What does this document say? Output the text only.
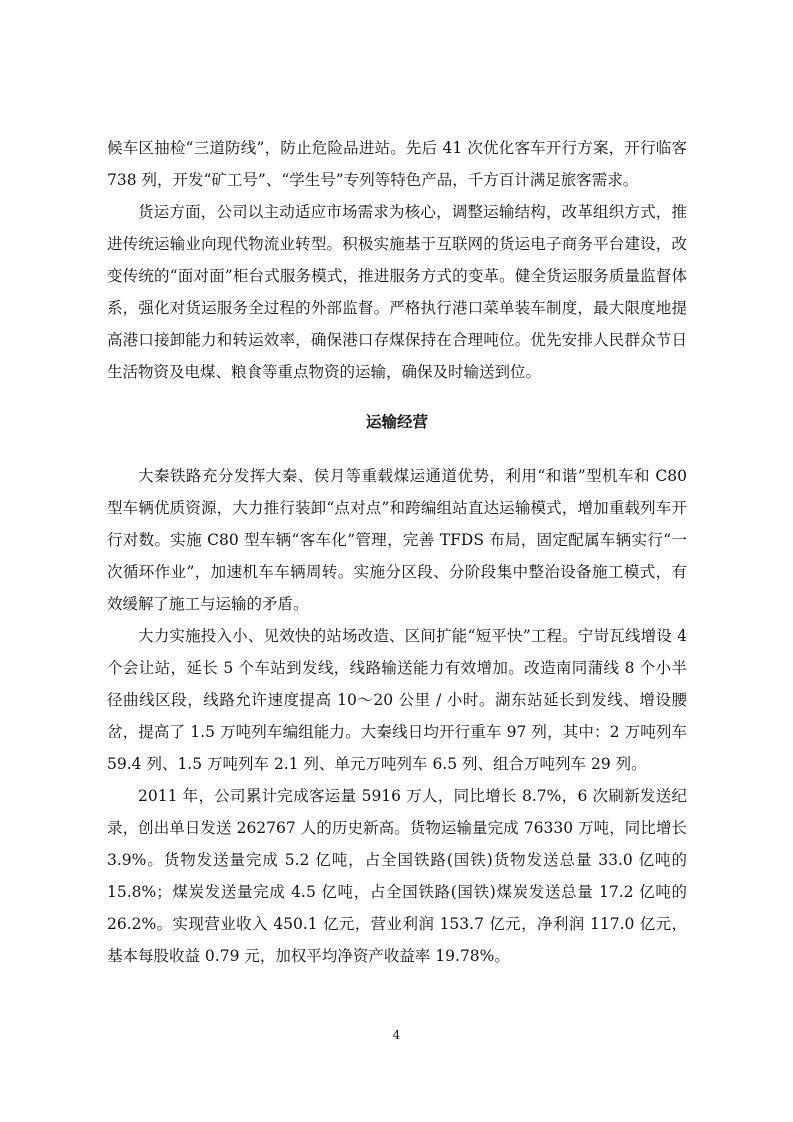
候车区抽检“三道防线”，防止危险品进站。先后 41 次优化客车开行方案，开行临客 738 列，开发“矿工号”、“学生号”专列等特色产品，千方百计满足旅客需求。

货运方面，公司以主动适应市场需求为核心，调整运输结构，改革组织方式，推进传统运输业向现代物流业转型。积极实施基于互联网的货运电子商务平台建设，改变传统的“面对面”柜台式服务模式，推进服务方式的变革。健全货运服务质量监督体系，强化对货运服务全过程的外部监督。严格执行港口菜单装车制度，最大限度地提高港口接卸能力和转运效率，确保港口存煤保持在合理吨位。优先安排人民群众节日生活物资及电煤、粮食等重点物资的运输，确保及时输送到位。

运输经营

大秦铁路充分发挥大秦、侯月等重载煤运通道优势，利用“和谐”型机车和 C80 型车辆优质资源，大力推行装卸“点对点”和跨编组站直达运输模式，增加重载列车开行对数。实施 C80 型车辆“客车化”管理，完善 TFDS 布局，固定配属车辆实行“一次循环作业”，加速机车车辆周转。实施分区段、分阶段集中整治设备施工模式，有效缓解了施工与运输的矛盾。

大力实施投入小、见效快的站场改造、区间扩能“短平快”工程。宁岢瓦线增设 4 个会让站，延长 5 个车站到发线，线路输送能力有效增加。改造南同蒲线 8 个小半径曲线区段，线路允许速度提高 10～20 公里 / 小时。湖东站延长到发线、增设腰岔，提高了 1.5 万吨列车编组能力。大秦线日均开行重车 97 列，其中：2 万吨列车 59.4 列、1.5 万吨列车 2.1 列、单元万吨列车 6.5 列、组合万吨列车 29 列。

2011 年，公司累计完成客运量 5916 万人，同比增长 8.7%，6 次刷新发送纪录，创出单日发送 262767 人的历史新高。货物运输量完成 76330 万吨，同比增长 3.9%。货物发送量完成 5.2 亿吨，占全国铁路(国铁)货物发送总量 33.0 亿吨的 15.8%；煤炭发送量完成 4.5 亿吨，占全国铁路(国铁)煤炭发送总量 17.2 亿吨的 26.2%。实现营业收入 450.1 亿元，营业利润 153.7 亿元，净利润 117.0 亿元，基本每股收益 0.79 元，加权平均净资产收益率 19.78%。

4
